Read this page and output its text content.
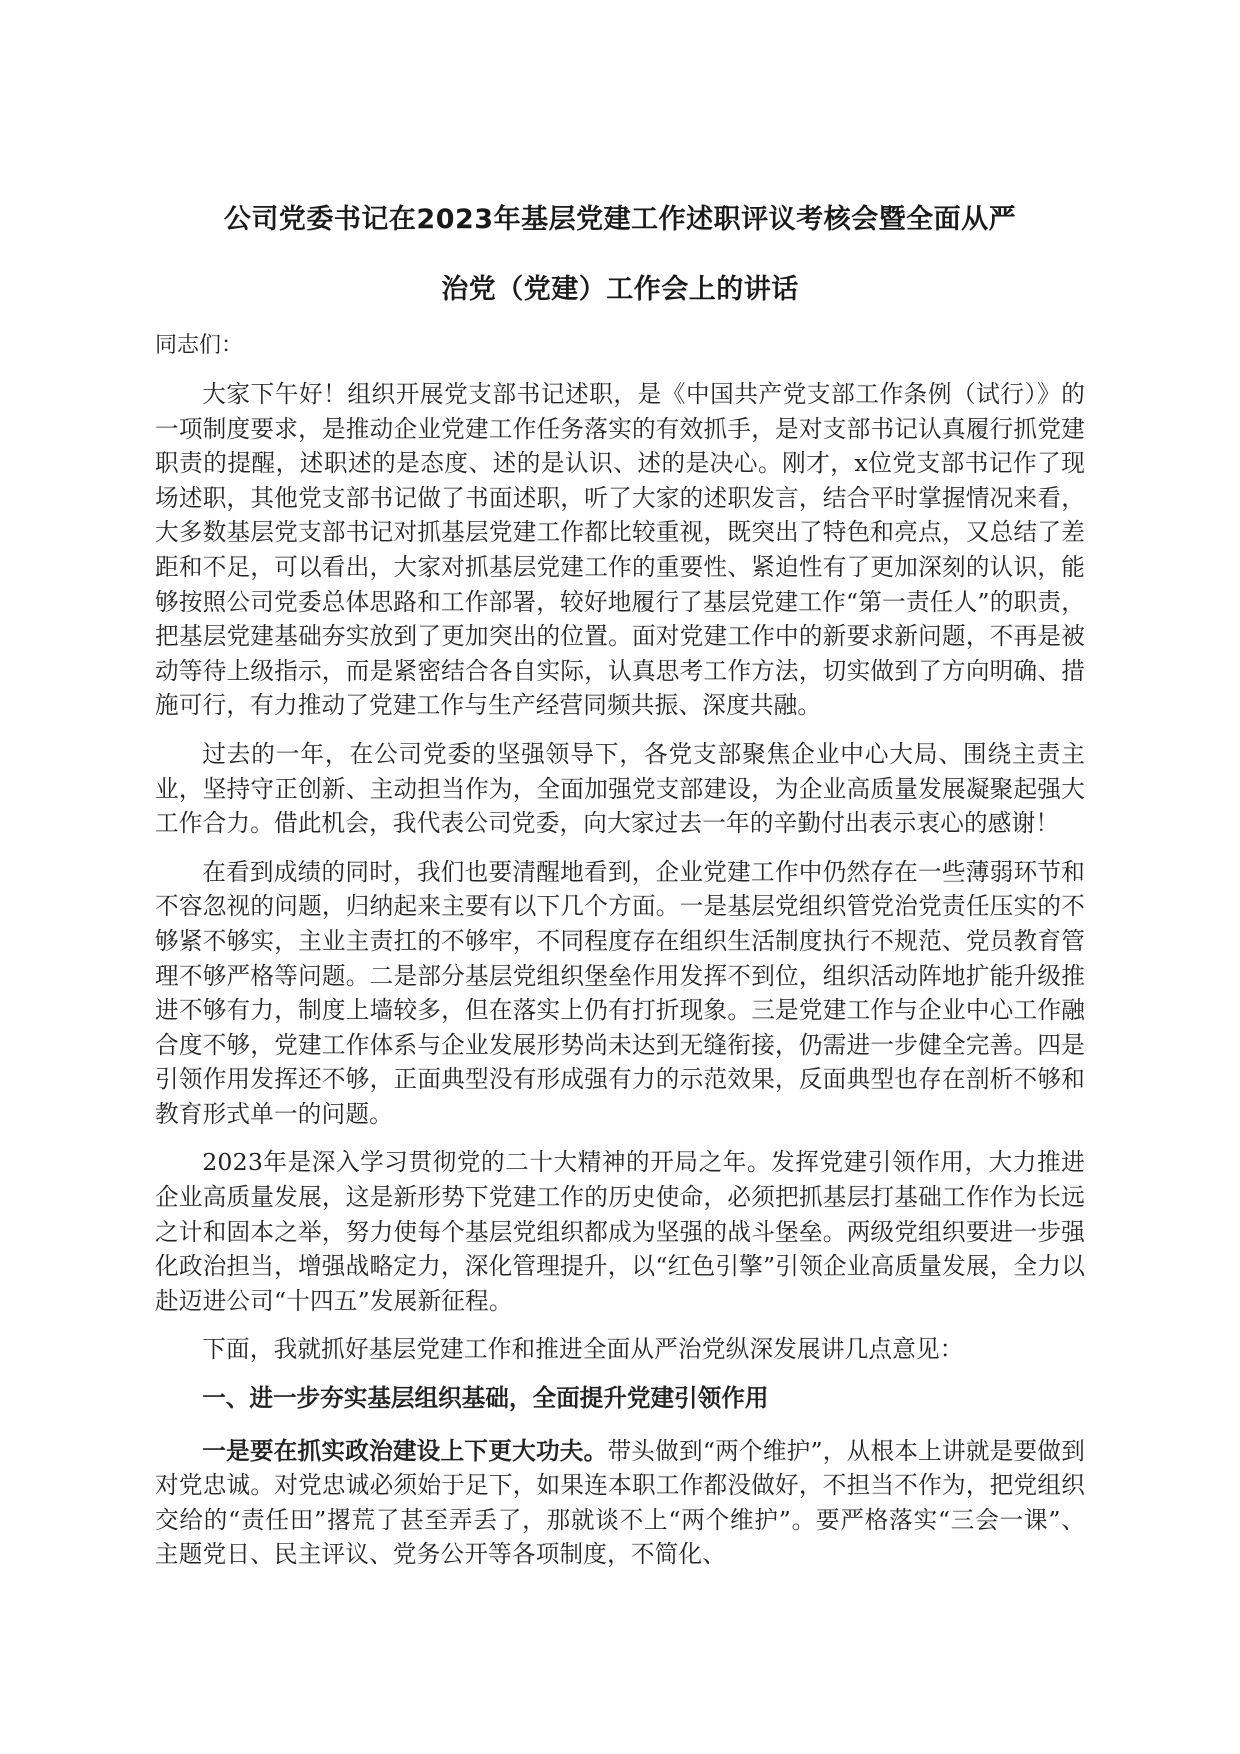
公司党委书记在2023年基层党建工作述职评议考核会暨全面从严
治党（党建）工作会上的讲话

同志们：

大家下午好！组织开展党支部书记述职，是《中国共产党支部工作条例（试行）》的一项制度要求，是推动企业党建工作任务落实的有效抓手，是对支部书记认真履行抓党建职责的提醒，述职述的是态度、述的是认识、述的是决心。刚才，x位党支部书记作了现场述职，其他党支部书记做了书面述职，听了大家的述职发言，结合平时掌握情况来看，大多数基层党支部书记对抓基层党建工作都比较重视，既突出了特色和亮点，又总结了差距和不足，可以看出，大家对抓基层党建工作的重要性、紧迫性有了更加深刻的认识，能够按照公司党委总体思路和工作部署，较好地履行了基层党建工作“第一责任人”的职责，把基层党建基础夯实放到了更加突出的位置。面对党建工作中的新要求新问题，不再是被动等待上级指示，而是紧密结合各自实际，认真思考工作方法，切实做到了方向明确、措施可行，有力推动了党建工作与生产经营同频共振、深度共融。

过去的一年，在公司党委的坚强领导下，各党支部聚焦企业中心大局、围绕主责主业，坚持守正创新、主动担当作为，全面加强党支部建设，为企业高质量发展凝聚起强大工作合力。借此机会，我代表公司党委，向大家过去一年的辛勤付出表示衷心的感谢！

在看到成绩的同时，我们也要清醒地看到，企业党建工作中仍然存在一些薄弱环节和不容忽视的问题，归纳起来主要有以下几个方面。一是基层党组织管党治党责任压实的不够紧不够实，主业主责扛的不够牢，不同程度存在组织生活制度执行不规范、党员教育管理不够严格等问题。二是部分基层党组织堡垒作用发挥不到位，组织活动阵地扩能升级推进不够有力，制度上墙较多，但在落实上仍有打折现象。三是党建工作与企业中心工作融合度不够，党建工作体系与企业发展形势尚未达到无缝衔接，仍需进一步健全完善。四是引领作用发挥还不够，正面典型没有形成强有力的示范效果，反面典型也存在剖析不够和教育形式单一的问题。

2023年是深入学习贯彻党的二十大精神的开局之年。发挥党建引领作用，大力推进企业高质量发展，这是新形势下党建工作的历史使命，必须把抓基层打基础工作作为长远之计和固本之举，努力使每个基层党组织都成为坚强的战斗堡垒。两级党组织要进一步强化政治担当，增强战略定力，深化管理提升，以“红色引擎”引领企业高质量发展，全力以赴迈进公司“十四五”发展新征程。

下面，我就抓好基层党建工作和推进全面从严治党纵深发展讲几点意见：

一、进一步夯实基层组织基础，全面提升党建引领作用

一是要在抓实政治建设上下更大功夫。带头做到“两个维护”，从根本上讲就是要做到对党忠诚。对党忠诚必须始于足下，如果连本职工作都没做好，不担当不作为，把党组织交给的“责任田”撂荒了甚至弄丢了，那就谈不上“两个维护”。要严格落实“三会一课”、主题党日、民主评议、党务公开等各项制度，不简化、
